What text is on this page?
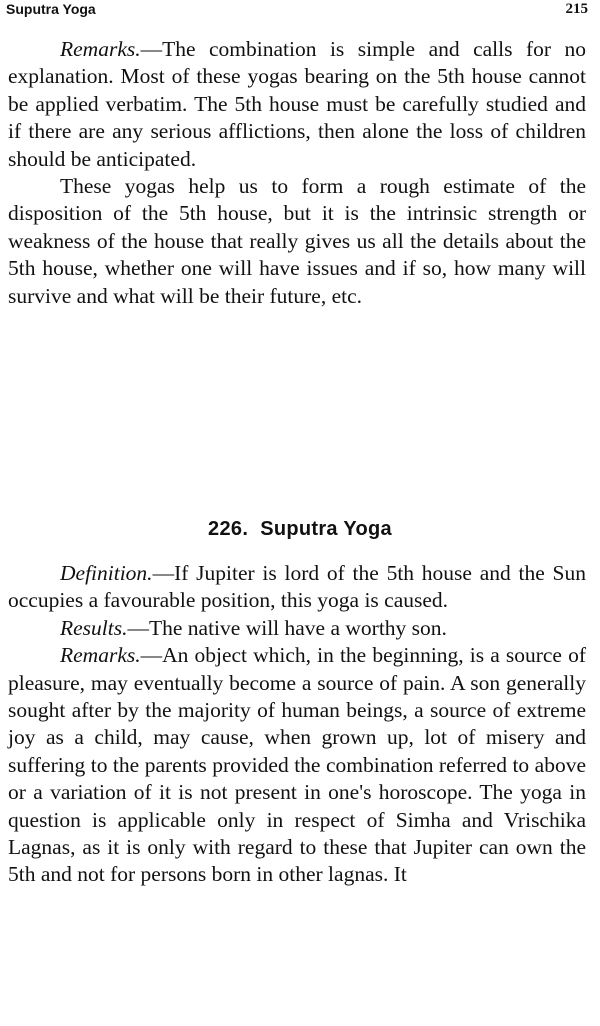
Suputra Yoga	215

Remarks.—The combination is simple and calls for no explanation. Most of these yogas bearing on the 5th house cannot be applied verbatim. The 5th house must be carefully studied and if there are any serious afflictions, then alone the loss of children should be anticipated.

These yogas help us to form a rough estimate of the disposition of the 5th house, but it is the intrinsic strength or weakness of the house that really gives us all the details about the 5th house, whether one will have issues and if so, how many will survive and what will be their future, etc.

226. Suputra Yoga

Definition.—If Jupiter is lord of the 5th house and the Sun occupies a favourable position, this yoga is caused.

Results.—The native will have a worthy son.

Remarks.—An object which, in the beginning, is a source of pleasure, may eventually become a source of pain. A son generally sought after by the majority of human beings, a source of extreme joy as a child, may cause, when grown up, lot of misery and suffering to the parents provided the combination referred to above or a variation of it is not present in one's horoscope. The yoga in question is applicable only in respect of Simha and Vrischika Lagnas, as it is only with regard to these that Jupiter can own the 5th and not for persons born in other lagnas. It
